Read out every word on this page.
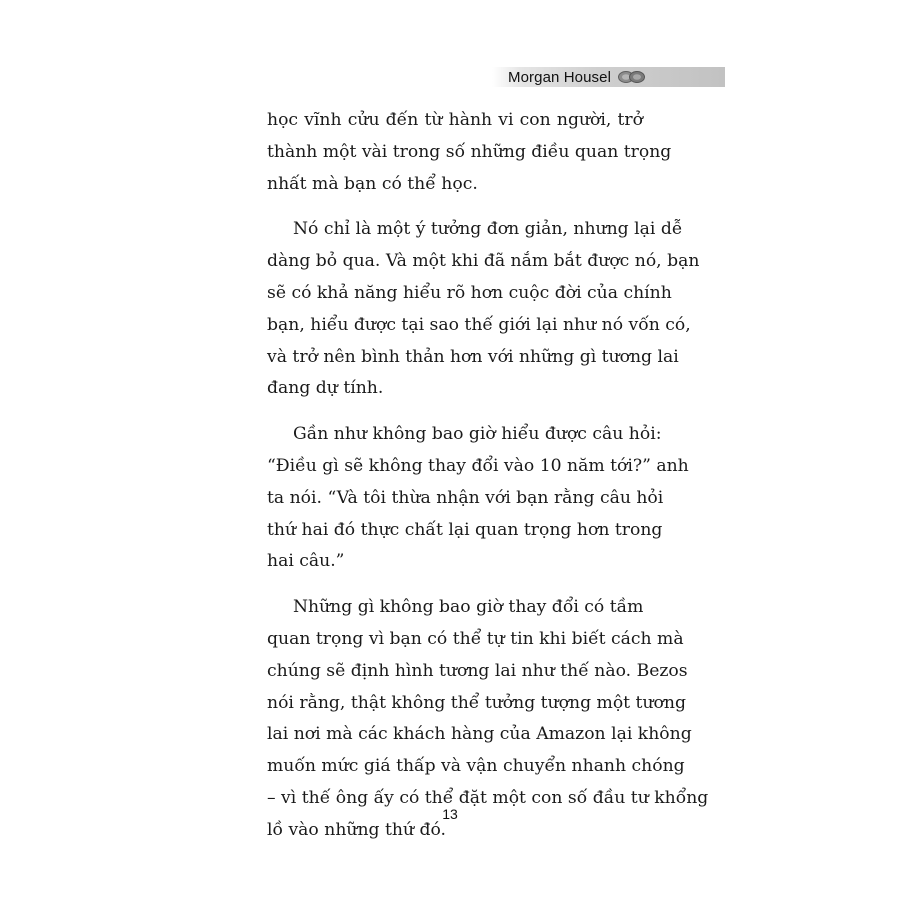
Morgan Housel

học vĩnh cửu đến từ hành vi con người, trở
thành một vài trong số những điều quan trọng
nhất mà bạn có thể học.

Nó chỉ là một ý tưởng đơn giản, nhưng lại dễ
dàng bỏ qua. Và một khi đã nắm bắt được nó, bạn
sẽ có khả năng hiểu rõ hơn cuộc đời của chính
bạn, hiểu được tại sao thế giới lại như nó vốn có,
và trở nên bình thản hơn với những gì tương lai
đang dự tính.

Gần như không bao giờ hiểu được câu hỏi:
“Điều gì sẽ không thay đổi vào 10 năm tới?” anh
ta nói. “Và tôi thừa nhận với bạn rằng câu hỏi
thứ hai đó thực chất lại quan trọng hơn trong
hai câu.”

Những gì không bao giờ thay đổi có tầm
quan trọng vì bạn có thể tự tin khi biết cách mà
chúng sẽ định hình tương lai như thế nào. Bezos
nói rằng, thật không thể tưởng tượng một tương
lai nơi mà các khách hàng của Amazon lại không
muốn mức giá thấp và vận chuyển nhanh chóng
– vì thế ông ấy có thể đặt một con số đầu tư khổng
lồ vào những thứ đó.

13
